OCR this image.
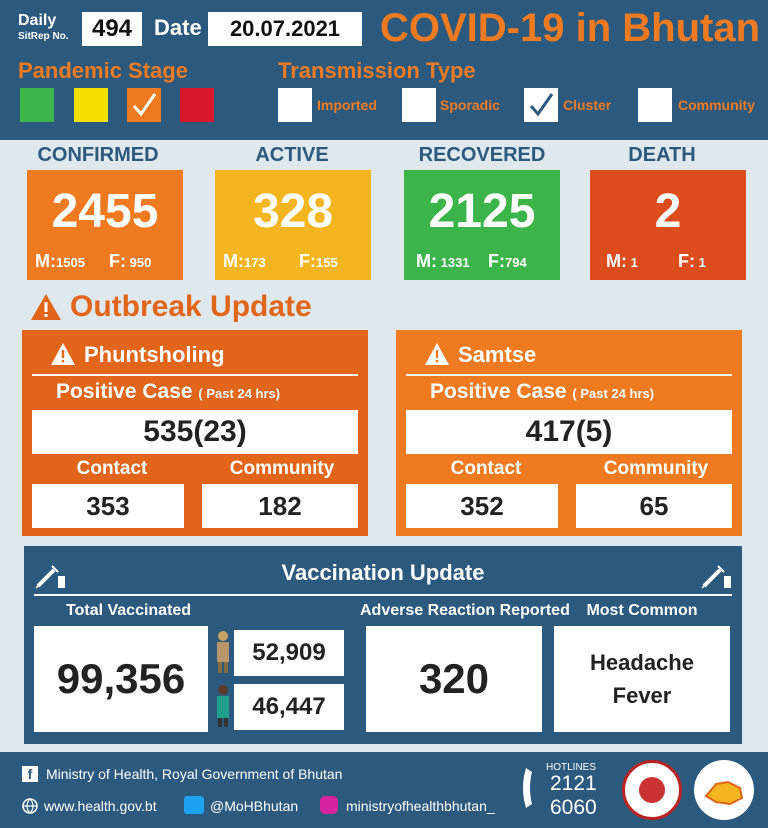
Daily
SitRep No. 494 Date	20.07.2021 COVID-19 in Bhutan
Pandemic Stage	Transmission Type
Imported	Sporadic	Cluster	Community
CONFIRMED
2455
M:1505 F: 950
ACTIVE
328
M:173 F:155
RECOVERED
2125
M: 1331 F:794
DEATH
2
M: 1 F: 1
Outbreak Update
Phuntsholing
Positive Case ( Past 24 hrs)
535(23)
Contact	Community
353	182
Samtse
Positive Case ( Past 24 hrs)
417(5)
Contact	Community
352	65
Vaccination Update
Total Vaccinated
99,356
52,909
46,447
Adverse Reaction Reported
320
Most Common
Headache
Fever
f Ministry of Health, Royal Government of Bhutan
www.health.gov.bt	@MoHBhutan	ministryofhealthbhutan_
HOTLINES
2121
6060
